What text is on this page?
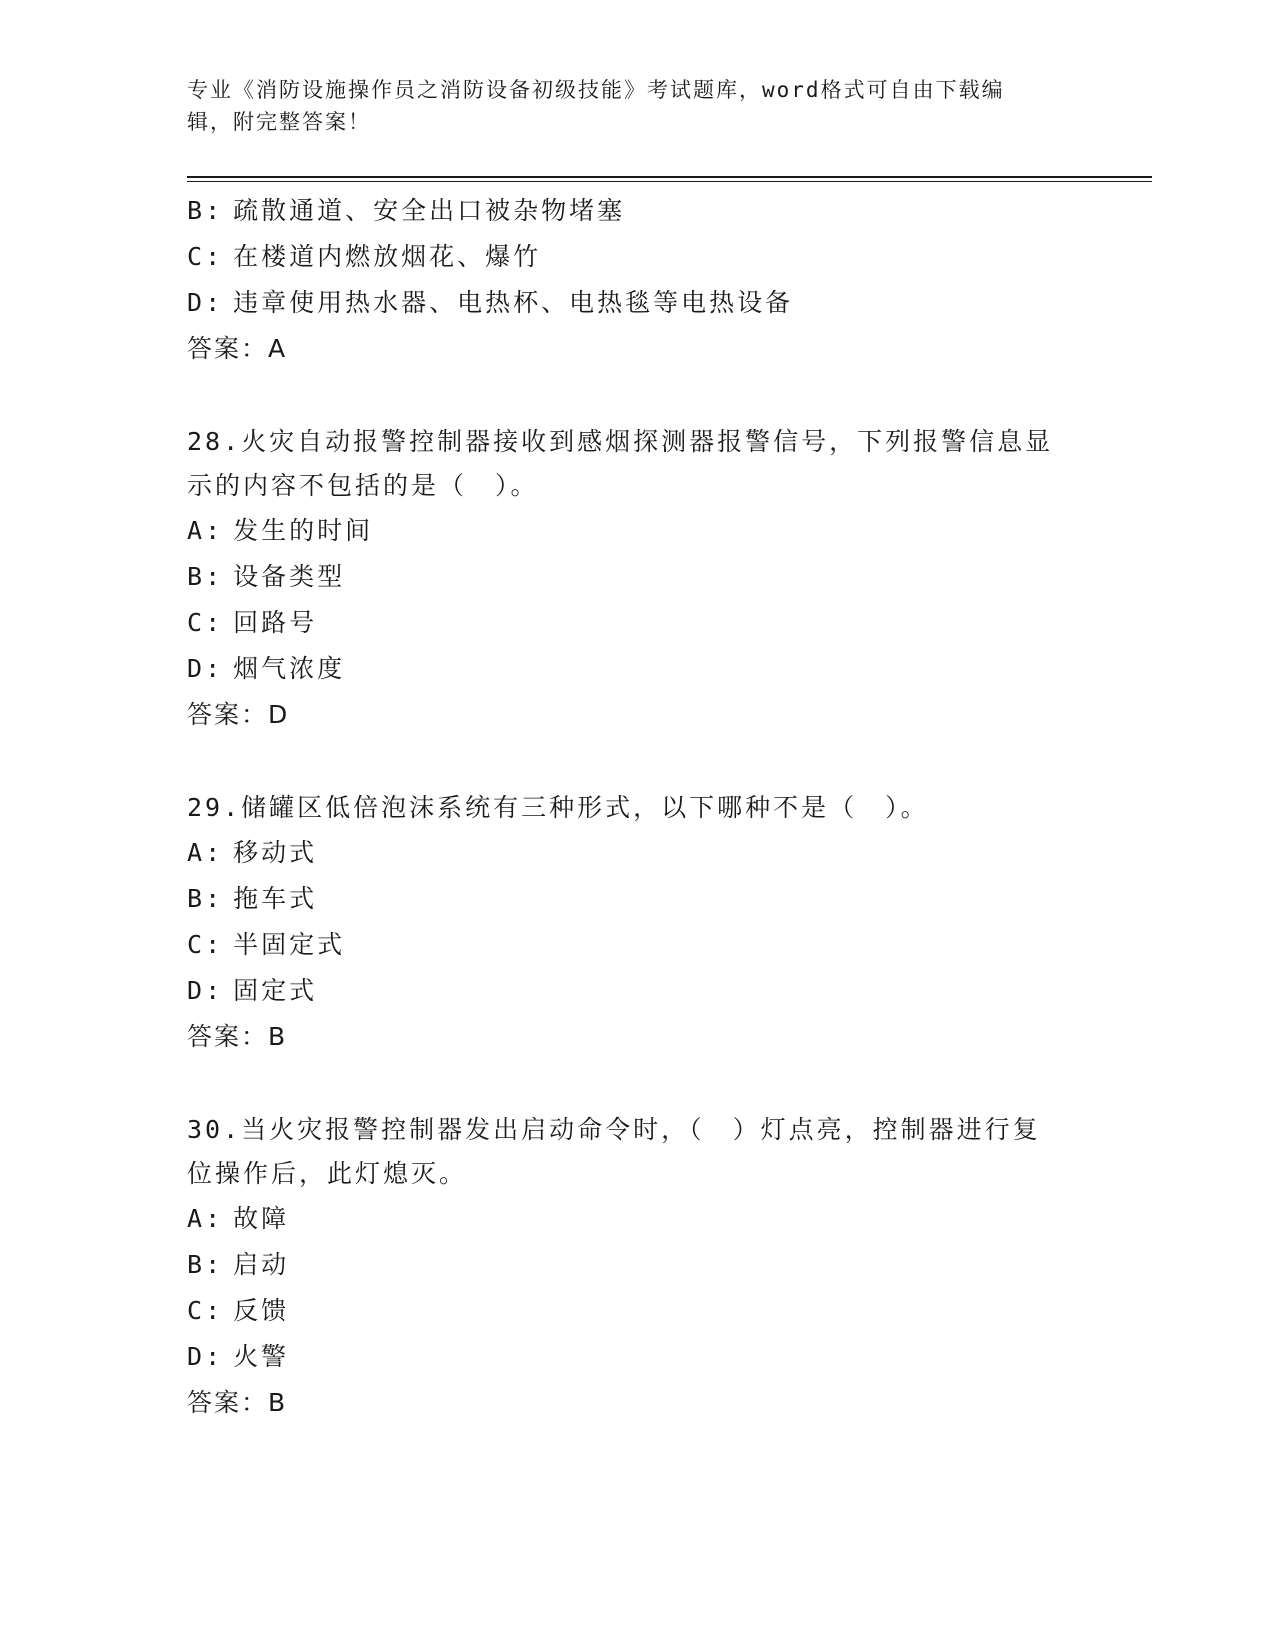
专业《消防设施操作员之消防设备初级技能》考试题库，word格式可自由下载编
辑，附完整答案！
B: 疏散通道、安全出口被杂物堵塞
C: 在楼道内燃放烟花、爆竹
D: 违章使用热水器、电热杯、电热毯等电热设备
答案：A
28.火灾自动报警控制器接收到感烟探测器报警信号，下列报警信息显
示的内容不包括的是（　）。
A: 发生的时间
B: 设备类型
C: 回路号
D: 烟气浓度
答案：D
29.储罐区低倍泡沫系统有三种形式，以下哪种不是（　）。
A: 移动式
B: 拖车式
C: 半固定式
D: 固定式
答案：B
30.当火灾报警控制器发出启动命令时，（　）灯点亮，控制器进行复
位操作后，此灯熄灭。
A: 故障
B: 启动
C: 反馈
D: 火警
答案：B
